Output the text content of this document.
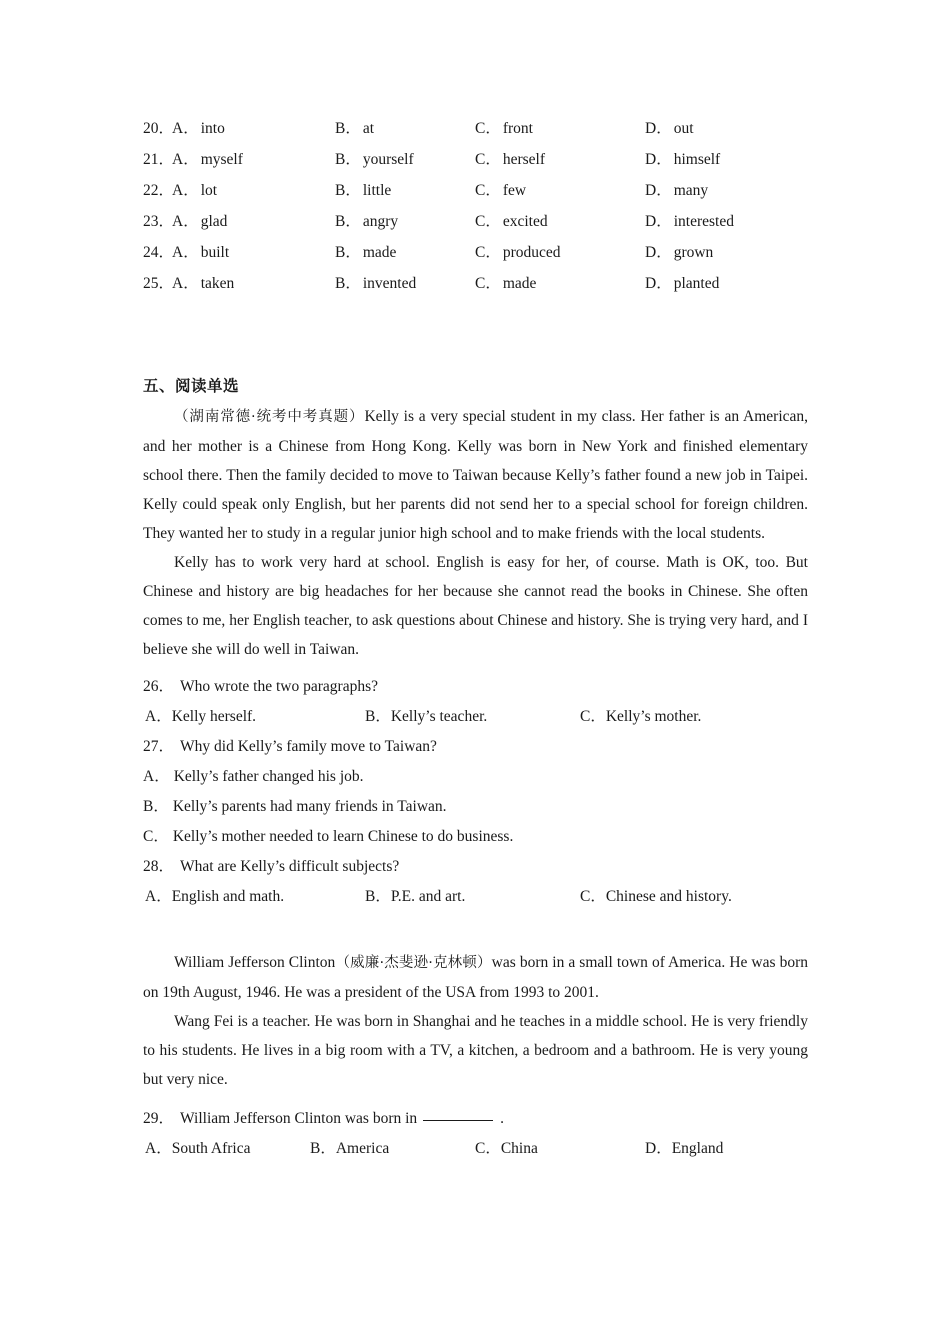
20．
A． into	B． at	C． front	D． out
21．
A． myself	B． yourself	C． herself	D． himself
22．
A． lot	B． little	C． few	D． many
23．
A． glad	B． angry	C． excited	D． interested
24．
A． built	B． made	C． produced	D． grown
25．
A． taken	B． invented	C． made	D． planted
五、阅读单选

（湖南常德·统考中考真题）Kelly is a very special student in my class. Her father is an American, and her mother is a Chinese from Hong Kong. Kelly was born in New York and finished elementary school there. Then the family decided to move to Taiwan because Kelly’s father found a new job in Taipei. Kelly could speak only English, but her parents did not send her to a special school for foreign children. They wanted her to study in a regular junior high school and to make friends with the local students.

Kelly has to work very hard at school. English is easy for her, of course. Math is OK, too. But Chinese and history are big headaches for her because she cannot read the books in Chinese. She often comes to me, her English teacher, to ask questions about Chinese and history. She is trying very hard, and I believe she will do well in Taiwan.

26． Who wrote the two paragraphs?
A．Kelly herself.	B．Kelly’s teacher.	C．Kelly’s mother.
27． Why did Kelly’s family move to Taiwan?
A． Kelly’s father changed his job.
B． Kelly’s parents had many friends in Taiwan.
C． Kelly’s mother needed to learn Chinese to do business.
28． What are Kelly’s difficult subjects?
A．English and math.	B．P.E. and art.	C．Chinese and history.

William Jefferson Clinton（威廉·杰斐逊·克林顿）was born in a small town of America. He was born on 19th August, 1946. He was a president of the USA from 1993 to 2001.

Wang Fei is a teacher. He was born in Shanghai and he teaches in a middle school. He is very friendly to his students. He lives in a big room with a TV, a kitchen, a bedroom and a bathroom. He is very young but very nice.

29． William Jefferson Clinton was born in	.
A．South Africa	B．America	C．China	D．England
